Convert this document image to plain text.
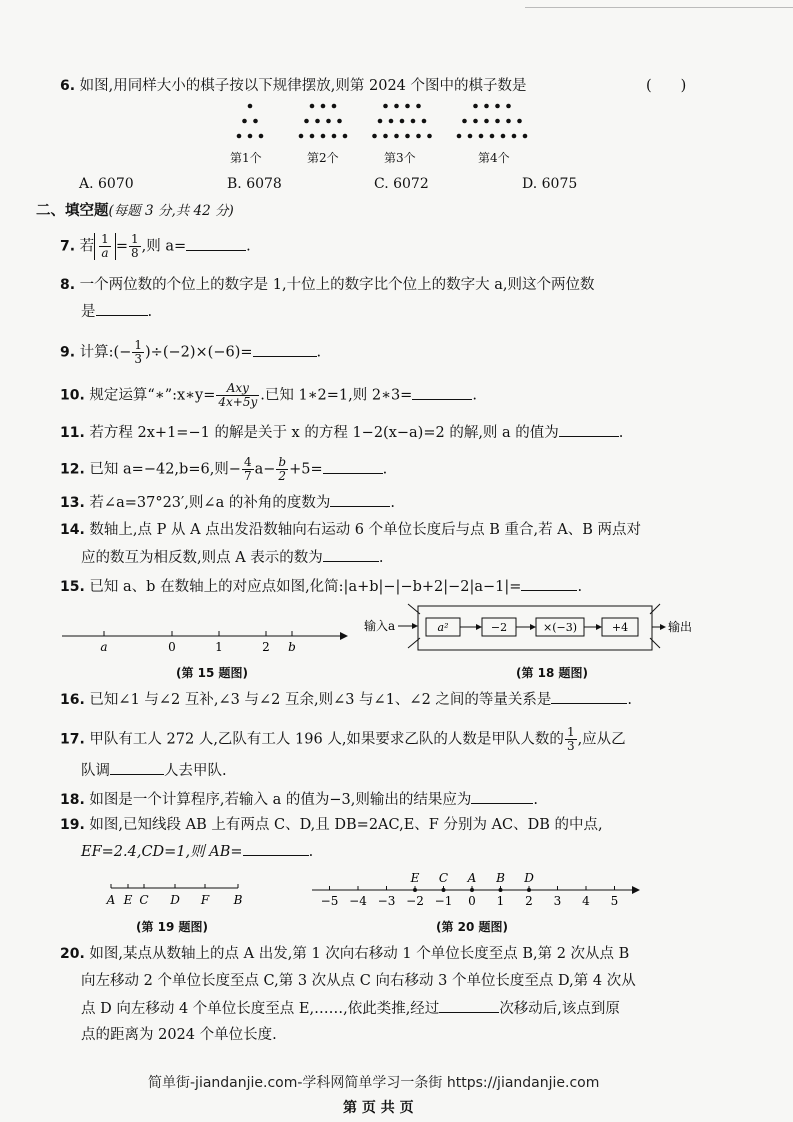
6. 如图,用同样大小的棋子按以下规律摆放,则第 2024 个图中的棋子数是	(　　)
第1个	第2个	第3个	第4个
A. 6070	B. 6078	C. 6072	D. 6075
二、填空题(每题 3 分,共 42 分)
7. 若 $\frac{1}{a} = \frac{1}{8}$ ,则 a=	.
8. 一个两位数的个位上的数字是 1,十位上的数字比个位上的数字大 a,则这个两位数
是	.
9. 计算:(− $\frac{1}{3} )\div(-2)\times(-6)=$	.
10. 规定运算“∗”:x∗y= $\frac{\text{Axy}}{4x+5y}$ .已知 1∗2=1,则 2∗3=	.
11. 若方程 2x+1=−1 的解是关于 x 的方程 1−2(x−a)=2 的解,则 a 的值为	.
12. 已知 a=−42,b=6,则− $\frac{4}{7} a- \frac{b}{2} +5=$	.
13. 若∠a=37°23′,则∠a 的补角的度数为	.
14. 数轴上,点 P 从 A 点出发沿数轴向右运动 6 个单位长度后与点 B 重合,若 A、B 两点对
应的数互为相反数,则点 A 表示的数为	.
15. 已知 a、b 在数轴上的对应点如图,化简:|a+b|−|−b+2|−2|a−1|=	.
a	0	1	2 b
(第 15 题图)
输入a	a²	−2	×(−3)	+4	输出
(第 18 题图)
16. 已知∠1 与∠2 互补,∠3 与∠2 互余,则∠3 与∠1、∠2 之间的等量关系是	.
17. 甲队有工人 272 人,乙队有工人 196 人,如果要求乙队的人数是甲队人数的 $\frac{1}{3}$ ,应从乙
队调	人去甲队.
18. 如图是一个计算程序,若输入 a 的值为−3,则输出的结果应为	.
19. 如图,已知线段 AB 上有两点 C、D,且 DB=2AC,E、F 分别为 AC、DB 的中点,
EF=2.4,CD=1,则 AB=	.
A E C D F B
(第 19 题图)
−5 −4 −3 −2 −1 0 1 2 3 4 5
E C A B D
(第 20 题图)
20. 如图,某点从数轴上的点 A 出发,第 1 次向右移动 1 个单位长度至点 B,第 2 次从点 B
向左移动 2 个单位长度至点 C,第 3 次从点 C 向右移动 3 个单位长度至点 D,第 4 次从
点 D 向左移动 4 个单位长度至点 E,……,依此类推,经过	次移动后,该点到原
点的距离为 2024 个单位长度.
简单街-jiandanjie.com-学科网简单学习一条街 https://jiandanjie.com
第 页 共 页
